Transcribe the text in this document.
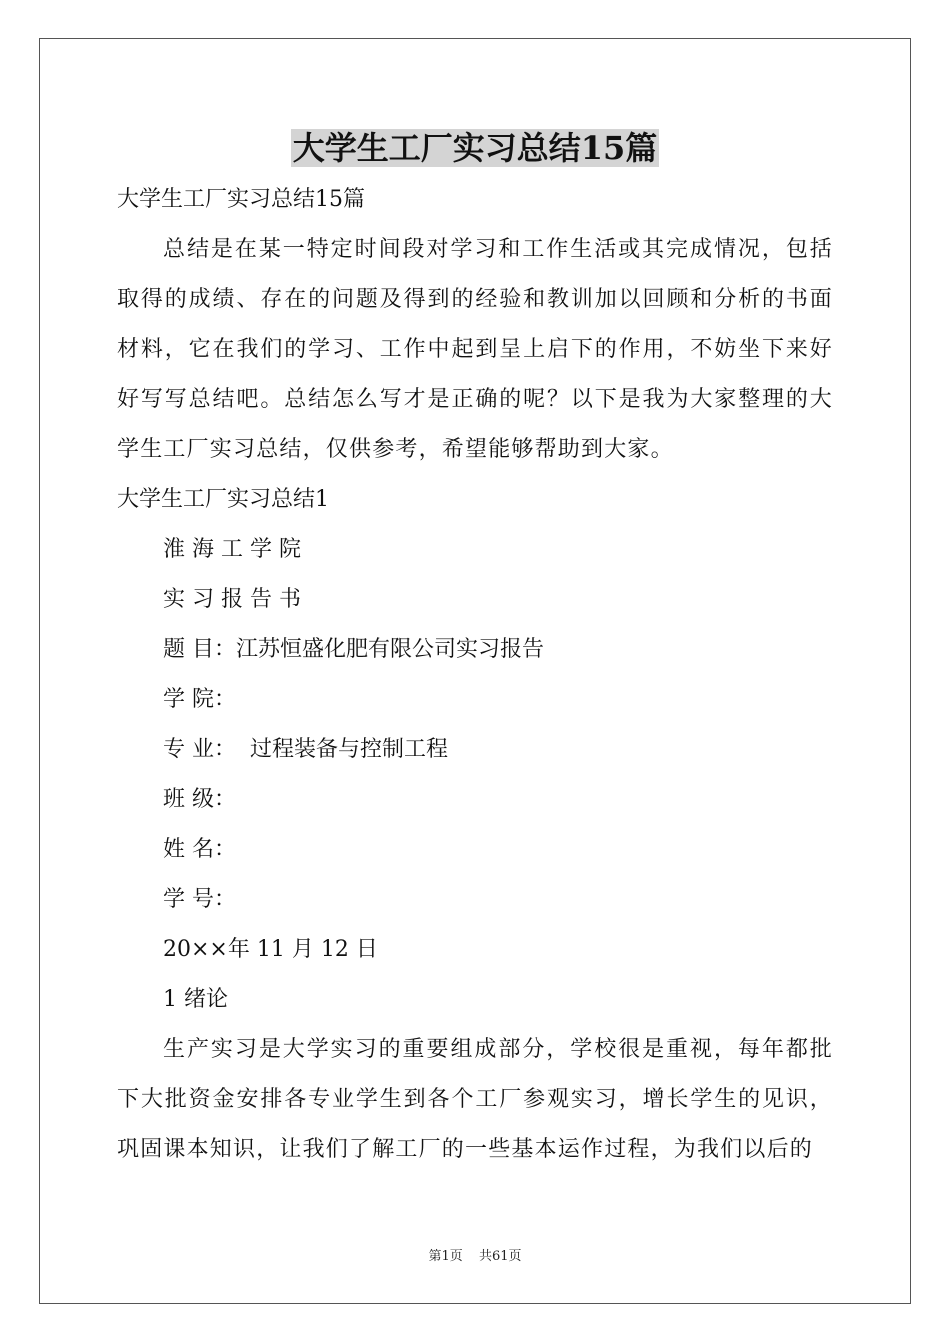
大学生工厂实习总结15篇
大学生工厂实习总结15篇

总结是在某一特定时间段对学习和工作生活或其完成情况，包括取得的成绩、存在的问题及得到的经验和教训加以回顾和分析的书面材料，它在我们的学习、工作中起到呈上启下的作用，不妨坐下来好好写写总结吧。总结怎么写才是正确的呢？以下是我为大家整理的大学生工厂实习总结，仅供参考，希望能够帮助到大家。

大学生工厂实习总结1
淮 海 工 学 院
实 习 报 告 书
题 目：江苏恒盛化肥有限公司实习报告
学 院：
专 业：  过程装备与控制工程
班 级：
姓 名：
学 号：
20××年 11 月 12 日
1 绪论

生产实习是大学实习的重要组成部分，学校很是重视，每年都批下大批资金安排各专业学生到各个工厂参观实习，增长学生的见识，巩固课本知识，让我们了解工厂的一些基本运作过程，为我们以后的

第1页 共61页
